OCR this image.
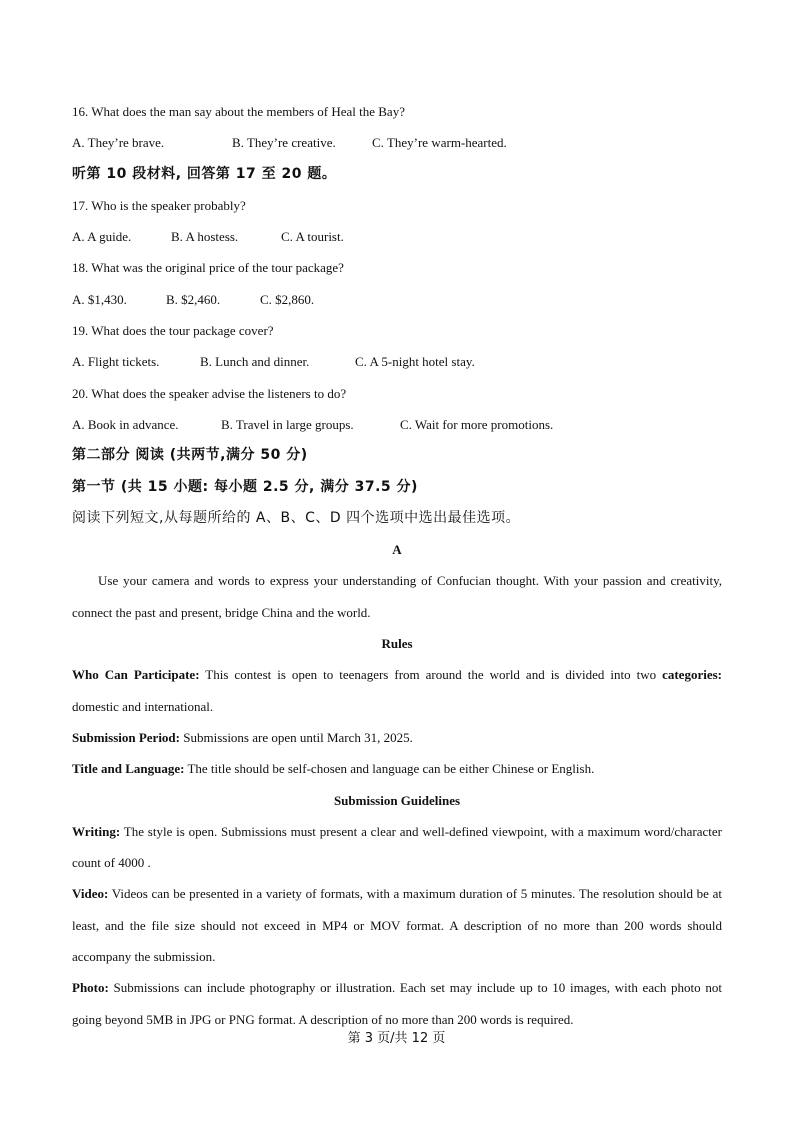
16. What does the man say about the members of Heal the Bay?
A. They’re brave.	B. They’re creative.	C. They’re warm-hearted.
听第 10 段材料, 回答第 17 至 20 题。
17. Who is the speaker probably?
A. A guide.	B. A hostess.	C. A tourist.
18. What was the original price of the tour package?
A. $1,430.	B. $2,460.	C. $2,860.
19. What does the tour package cover?
A. Flight tickets.	B. Lunch and dinner.	C. A 5-night hotel stay.
20. What does the speaker advise the listeners to do?
A. Book in advance.	B. Travel in large groups.	C. Wait for more promotions.
第二部分 阅读 (共两节,满分 50 分)
第一节 (共 15 小题: 每小题 2.5 分, 满分 37.5 分)
阅读下列短文,从每题所给的 A、B、C、D 四个选项中选出最佳选项。
A
Use your camera and words to express your understanding of Confucian thought. With your passion and creativity, connect the past and present, bridge China and the world.
Rules
Who Can Participate: This contest is open to teenagers from around the world and is divided into two categories: domestic and international.
Submission Period: Submissions are open until March 31, 2025.
Title and Language: The title should be self-chosen and language can be either Chinese or English.
Submission Guidelines
Writing: The style is open. Submissions must present a clear and well-defined viewpoint, with a maximum word/character count of 4000 .
Video: Videos can be presented in a variety of formats, with a maximum duration of 5 minutes. The resolution should be at least, and the file size should not exceed in MP4 or MOV format. A description of no more than 200 words should accompany the submission.
Photo: Submissions can include photography or illustration. Each set may include up to 10 images, with each photo not going beyond 5MB in JPG or PNG format. A description of no more than 200 words is required.
第 3 页/共 12 页
